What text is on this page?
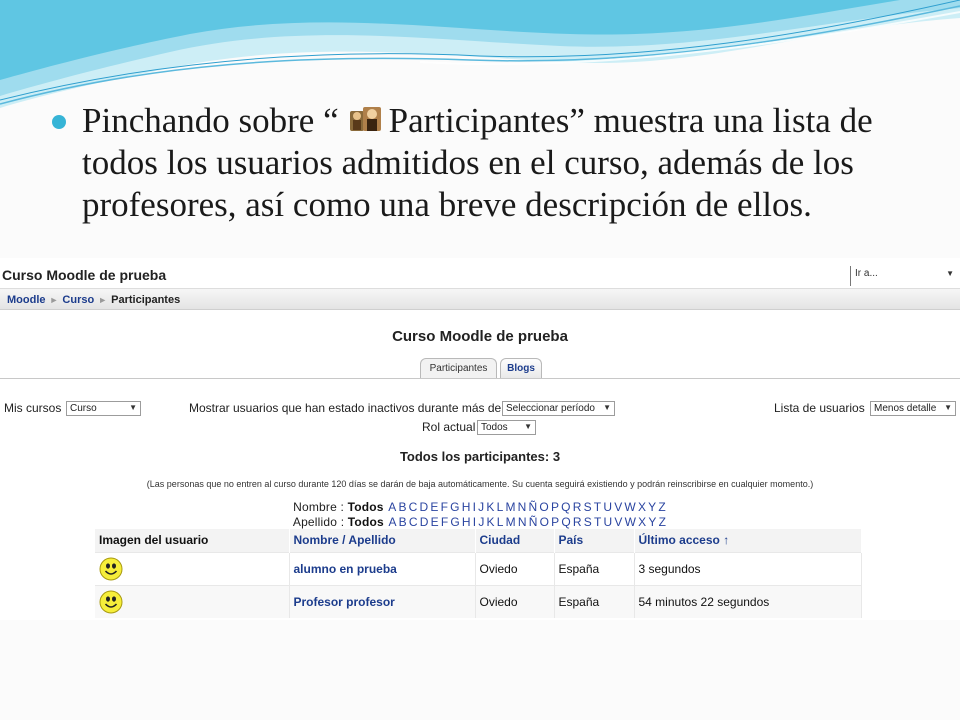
Pinchando sobre “ Participantes” muestra una lista de todos los usuarios admitidos en el curso, además de los profesores, así como una breve descripción de ellos.
Curso Moodle de prueba	Ir a...	▼
Moodle ► Curso ► Participantes
Curso Moodle de prueba
Participantes	Blogs
Mis cursos Curso	▼	Mostrar usuarios que han estado inactivos durante más de Seleccionar período ▼	Lista de usuarios Menos detalle ▼
Rol actual Todos ▼
Todos los participantes: 3
(Las personas que no entren al curso durante 120 días se darán de baja automáticamente. Su cuenta seguirá existiendo y podrán reinscribirse en cualquier momento.)
Nombre : Todos A B C D E F G H I J K L M N Ñ O P Q R S T U V W X Y Z
Apellido : Todos A B C D E F G H I J K L M N Ñ O P Q R S T U V W X Y Z
Imagen del usuario	Nombre / Apellido	Ciudad	País	Último acceso ↑

	alumno en prueba	Oviedo	España	3 segundos

	Profesor profesor	Oviedo	España	54 minutos 22 segundos
